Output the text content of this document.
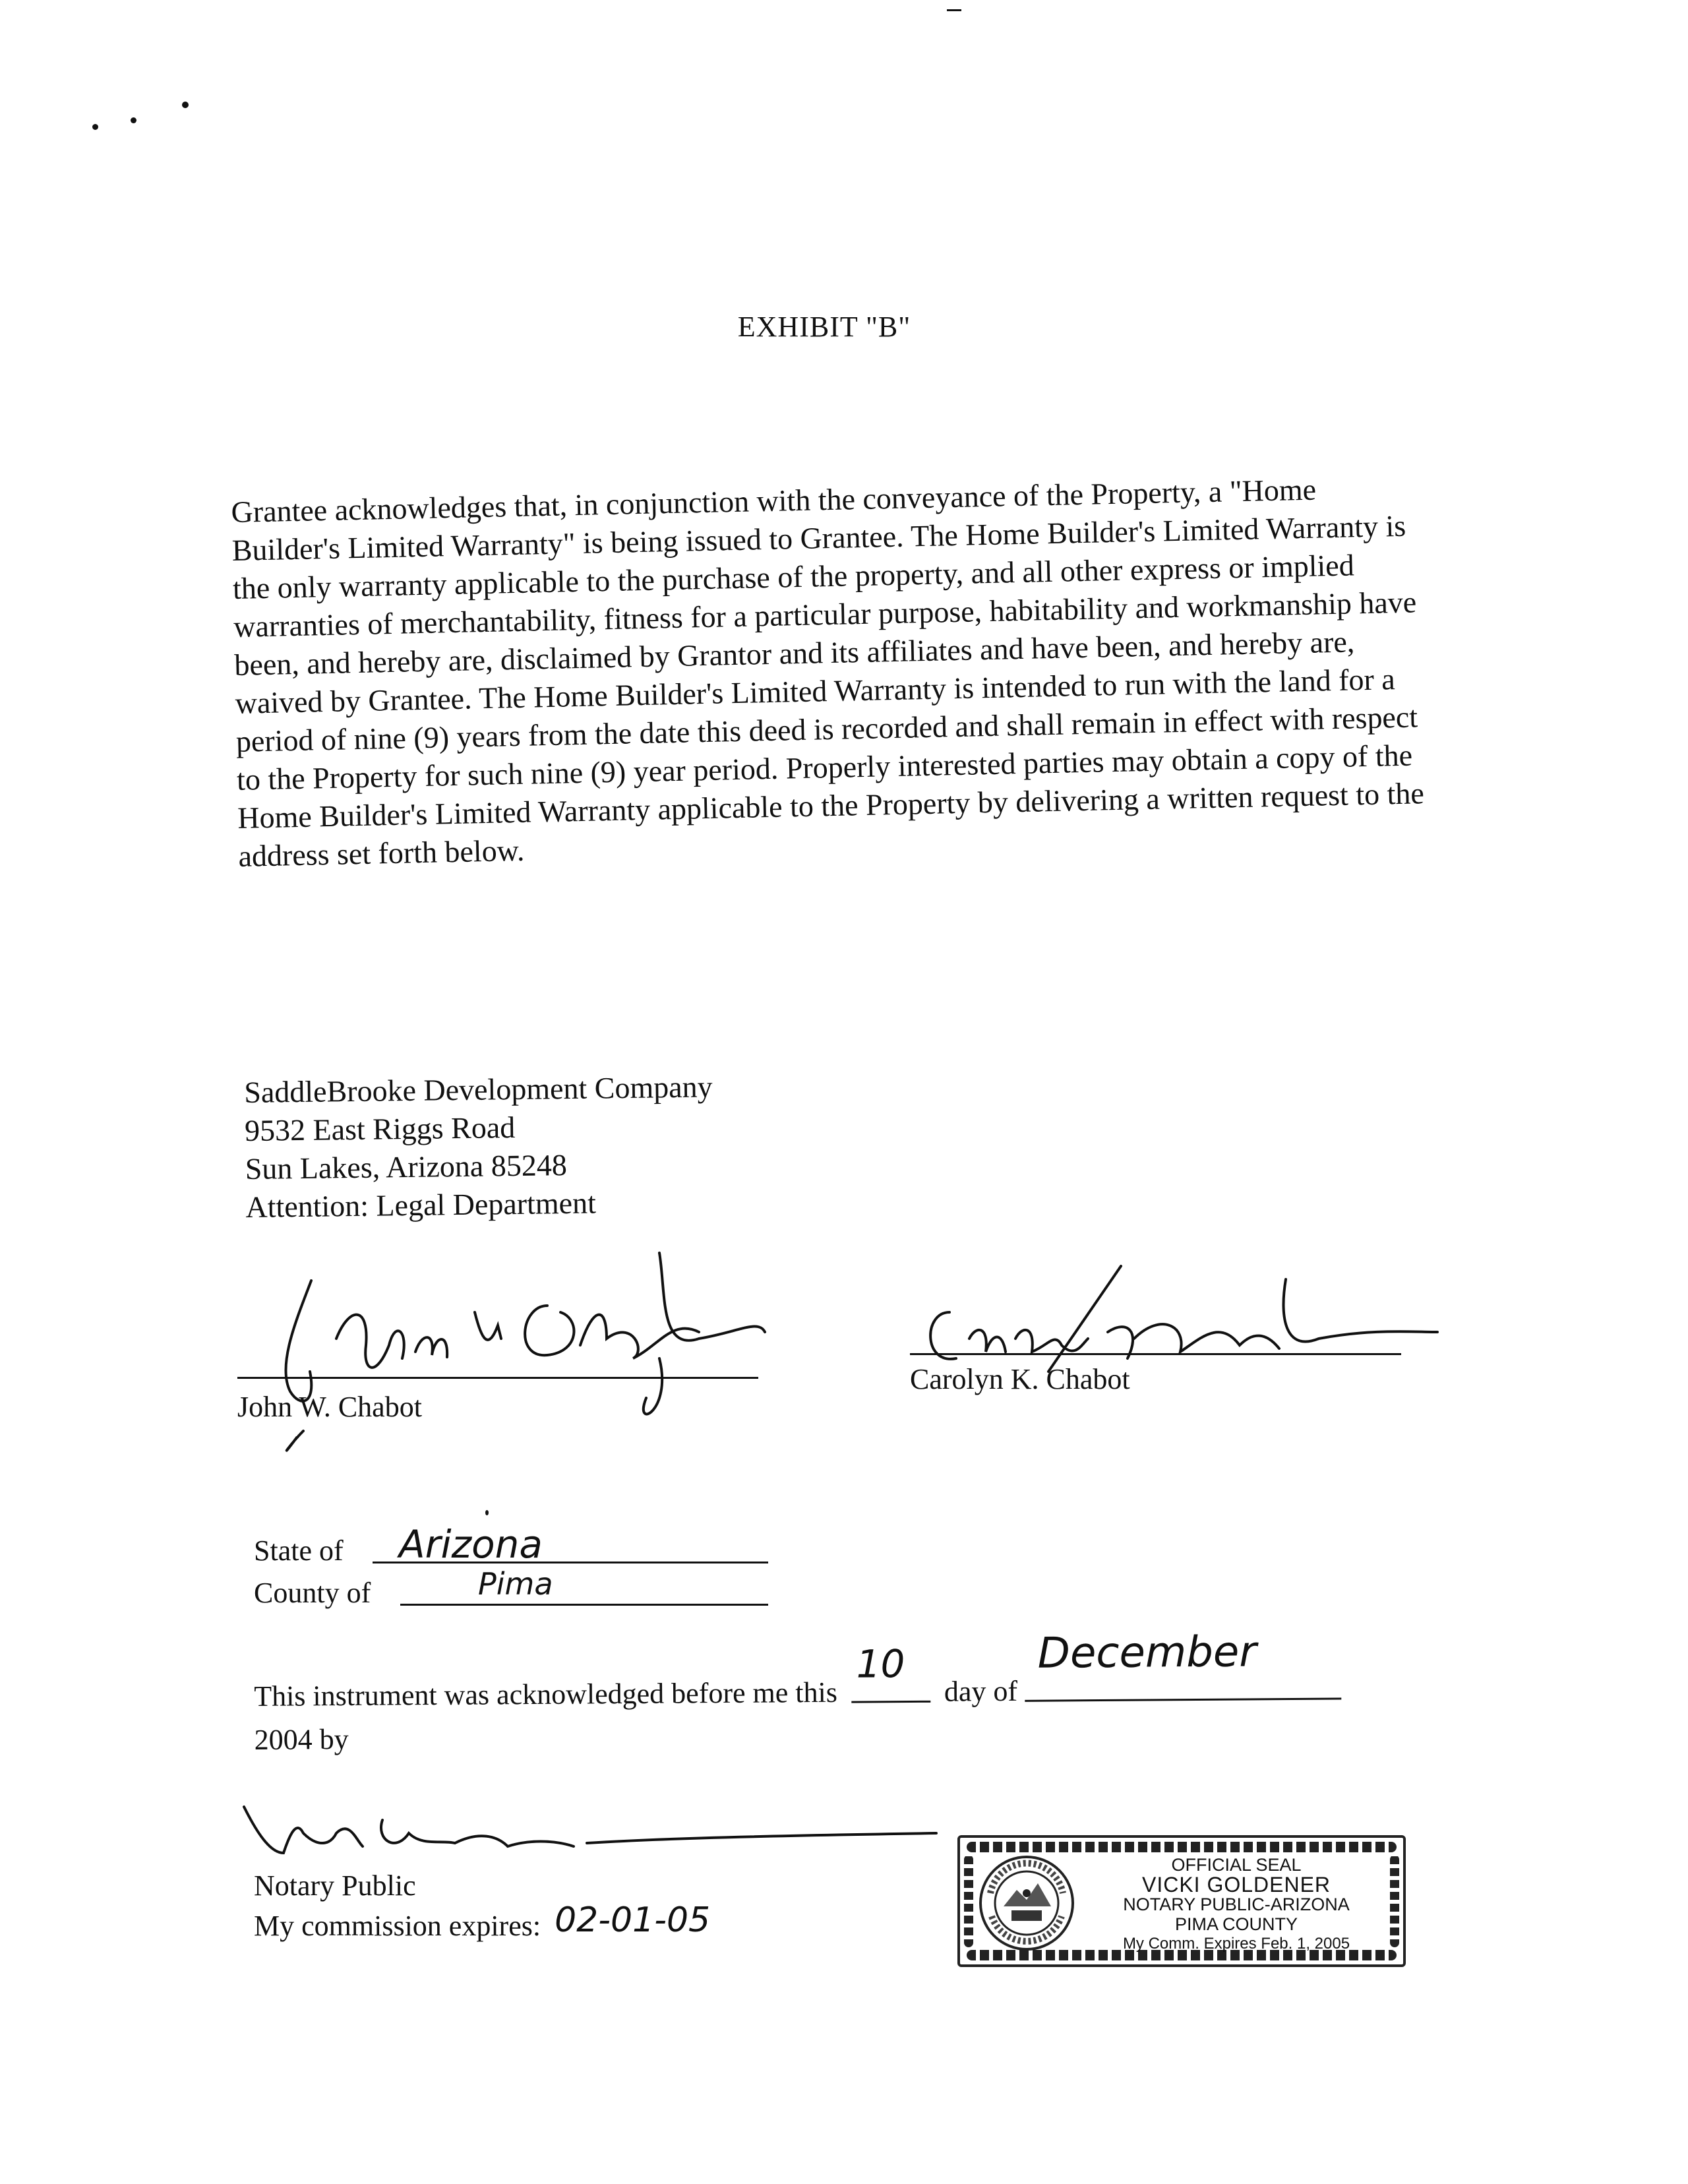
EXHIBIT "B"

Grantee acknowledges that, in conjunction with the conveyance of the Property, a "Home Builder's Limited Warranty" is being issued to Grantee. The Home Builder's Limited Warranty is the only warranty applicable to the purchase of the property, and all other express or implied warranties of merchantability, fitness for a particular purpose, habitability and workmanship have been, and hereby are, disclaimed by Grantor and its affiliates and have been, and hereby are, waived by Grantee. The Home Builder's Limited Warranty is intended to run with the land for a period of nine (9) years from the date this deed is recorded and shall remain in effect with respect to the Property for such nine (9) year period. Properly interested parties may obtain a copy of the Home Builder's Limited Warranty applicable to the Property by delivering a written request to the address set forth below.

SaddleBrooke Development Company
9532 East Riggs Road
Sun Lakes, Arizona 85248
Attention: Legal Department
John W. Chabot
Carolyn K. Chabot
State of Arizona
County of	Pima
This instrument was acknowledged before me this
10
day of
December
2004 by
Notary Public
My commission expires: 02-01-05
OFFICIAL SEAL
VICKI GOLDENER
NOTARY PUBLIC-ARIZONA
PIMA COUNTY
My Comm. Expires Feb. 1, 2005
